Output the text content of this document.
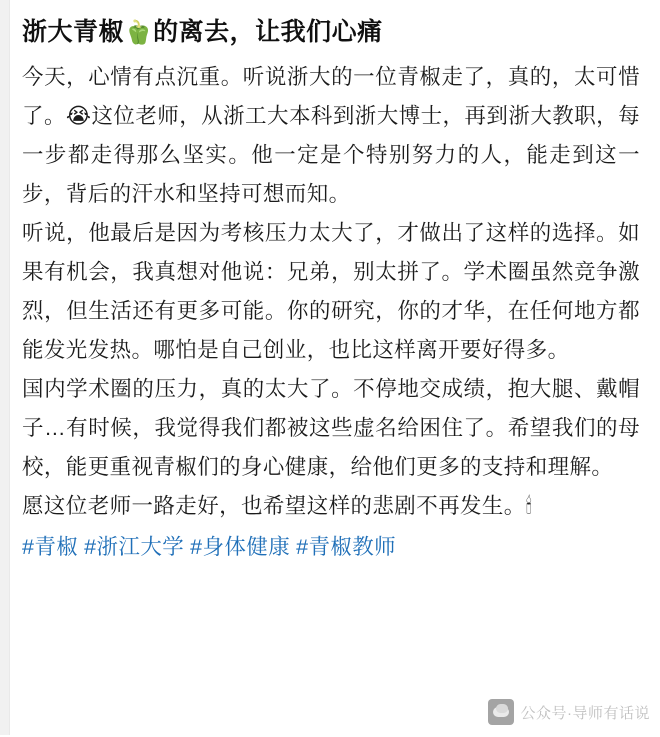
浙大青椒🫑的离去，让我们心痛

今天，心情有点沉重。听说浙大的一位青椒走了，真的，太可惜了。😭这位老师，从浙工大本科到浙大博士，再到浙大教职，每一步都走得那么坚实。他一定是个特别努力的人，能走到这一步，背后的汗水和坚持可想而知。

听说，他最后是因为考核压力太大了，才做出了这样的选择。如果有机会，我真想对他说：兄弟，别太拼了。学术圈虽然竞争激烈，但生活还有更多可能。你的研究，你的才华，在任何地方都能发光发热。哪怕是自己创业，也比这样离开要好得多。

国内学术圈的压力，真的太大了。不停地交成绩，抱大腿、戴帽子…有时候，我觉得我们都被这些虚名给困住了。希望我们的母校，能更重视青椒们的身心健康，给他们更多的支持和理解。

愿这位老师一路走好，也希望这样的悲剧不再发生。🕯

#青椒 #浙江大学 #身体健康 #青椒教师
公众号·导师有话说
